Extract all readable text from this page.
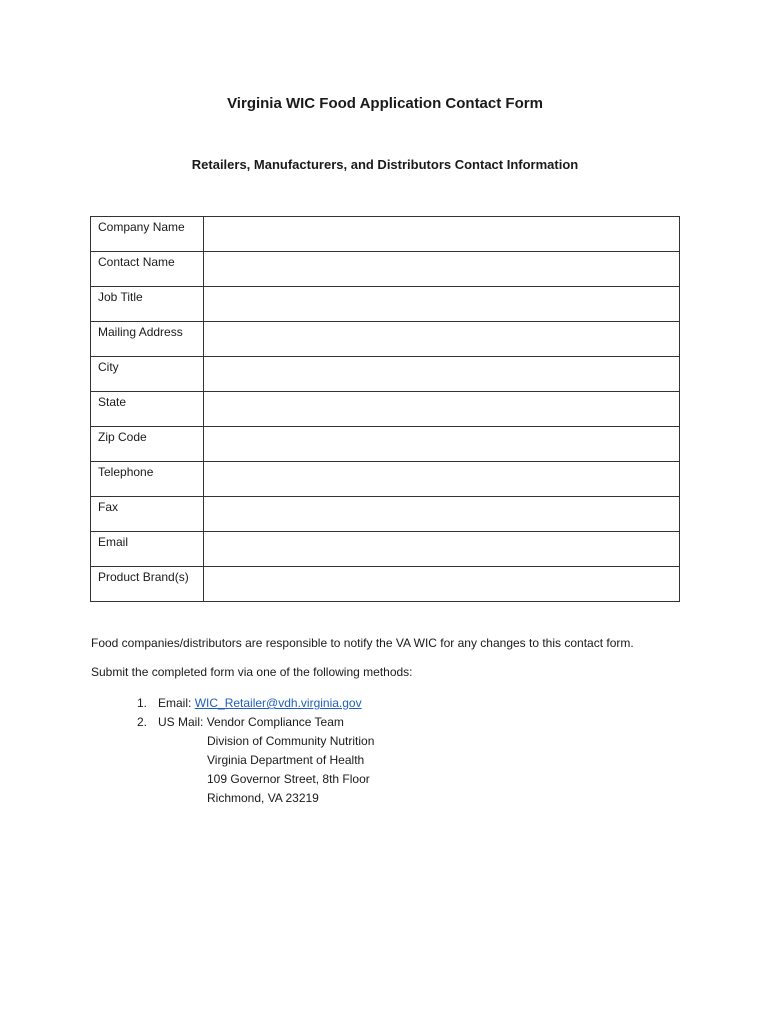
Virginia WIC Food Application Contact Form
Retailers, Manufacturers, and Distributors Contact Information
Company Name	

Contact Name	

Job Title	

Mailing Address	

City	

State	

Zip Code	

Telephone	

Fax	

Email	

Product Brand(s)	

Food companies/distributors are responsible to notify the VA WIC for any changes to this contact form.
Submit the completed form via one of the following methods:
1. Email: WIC_Retailer@vdh.virginia.gov
2. US Mail: Vendor Compliance Team
Division of Community Nutrition
Virginia Department of Health
109 Governor Street, 8th Floor
Richmond, VA 23219
